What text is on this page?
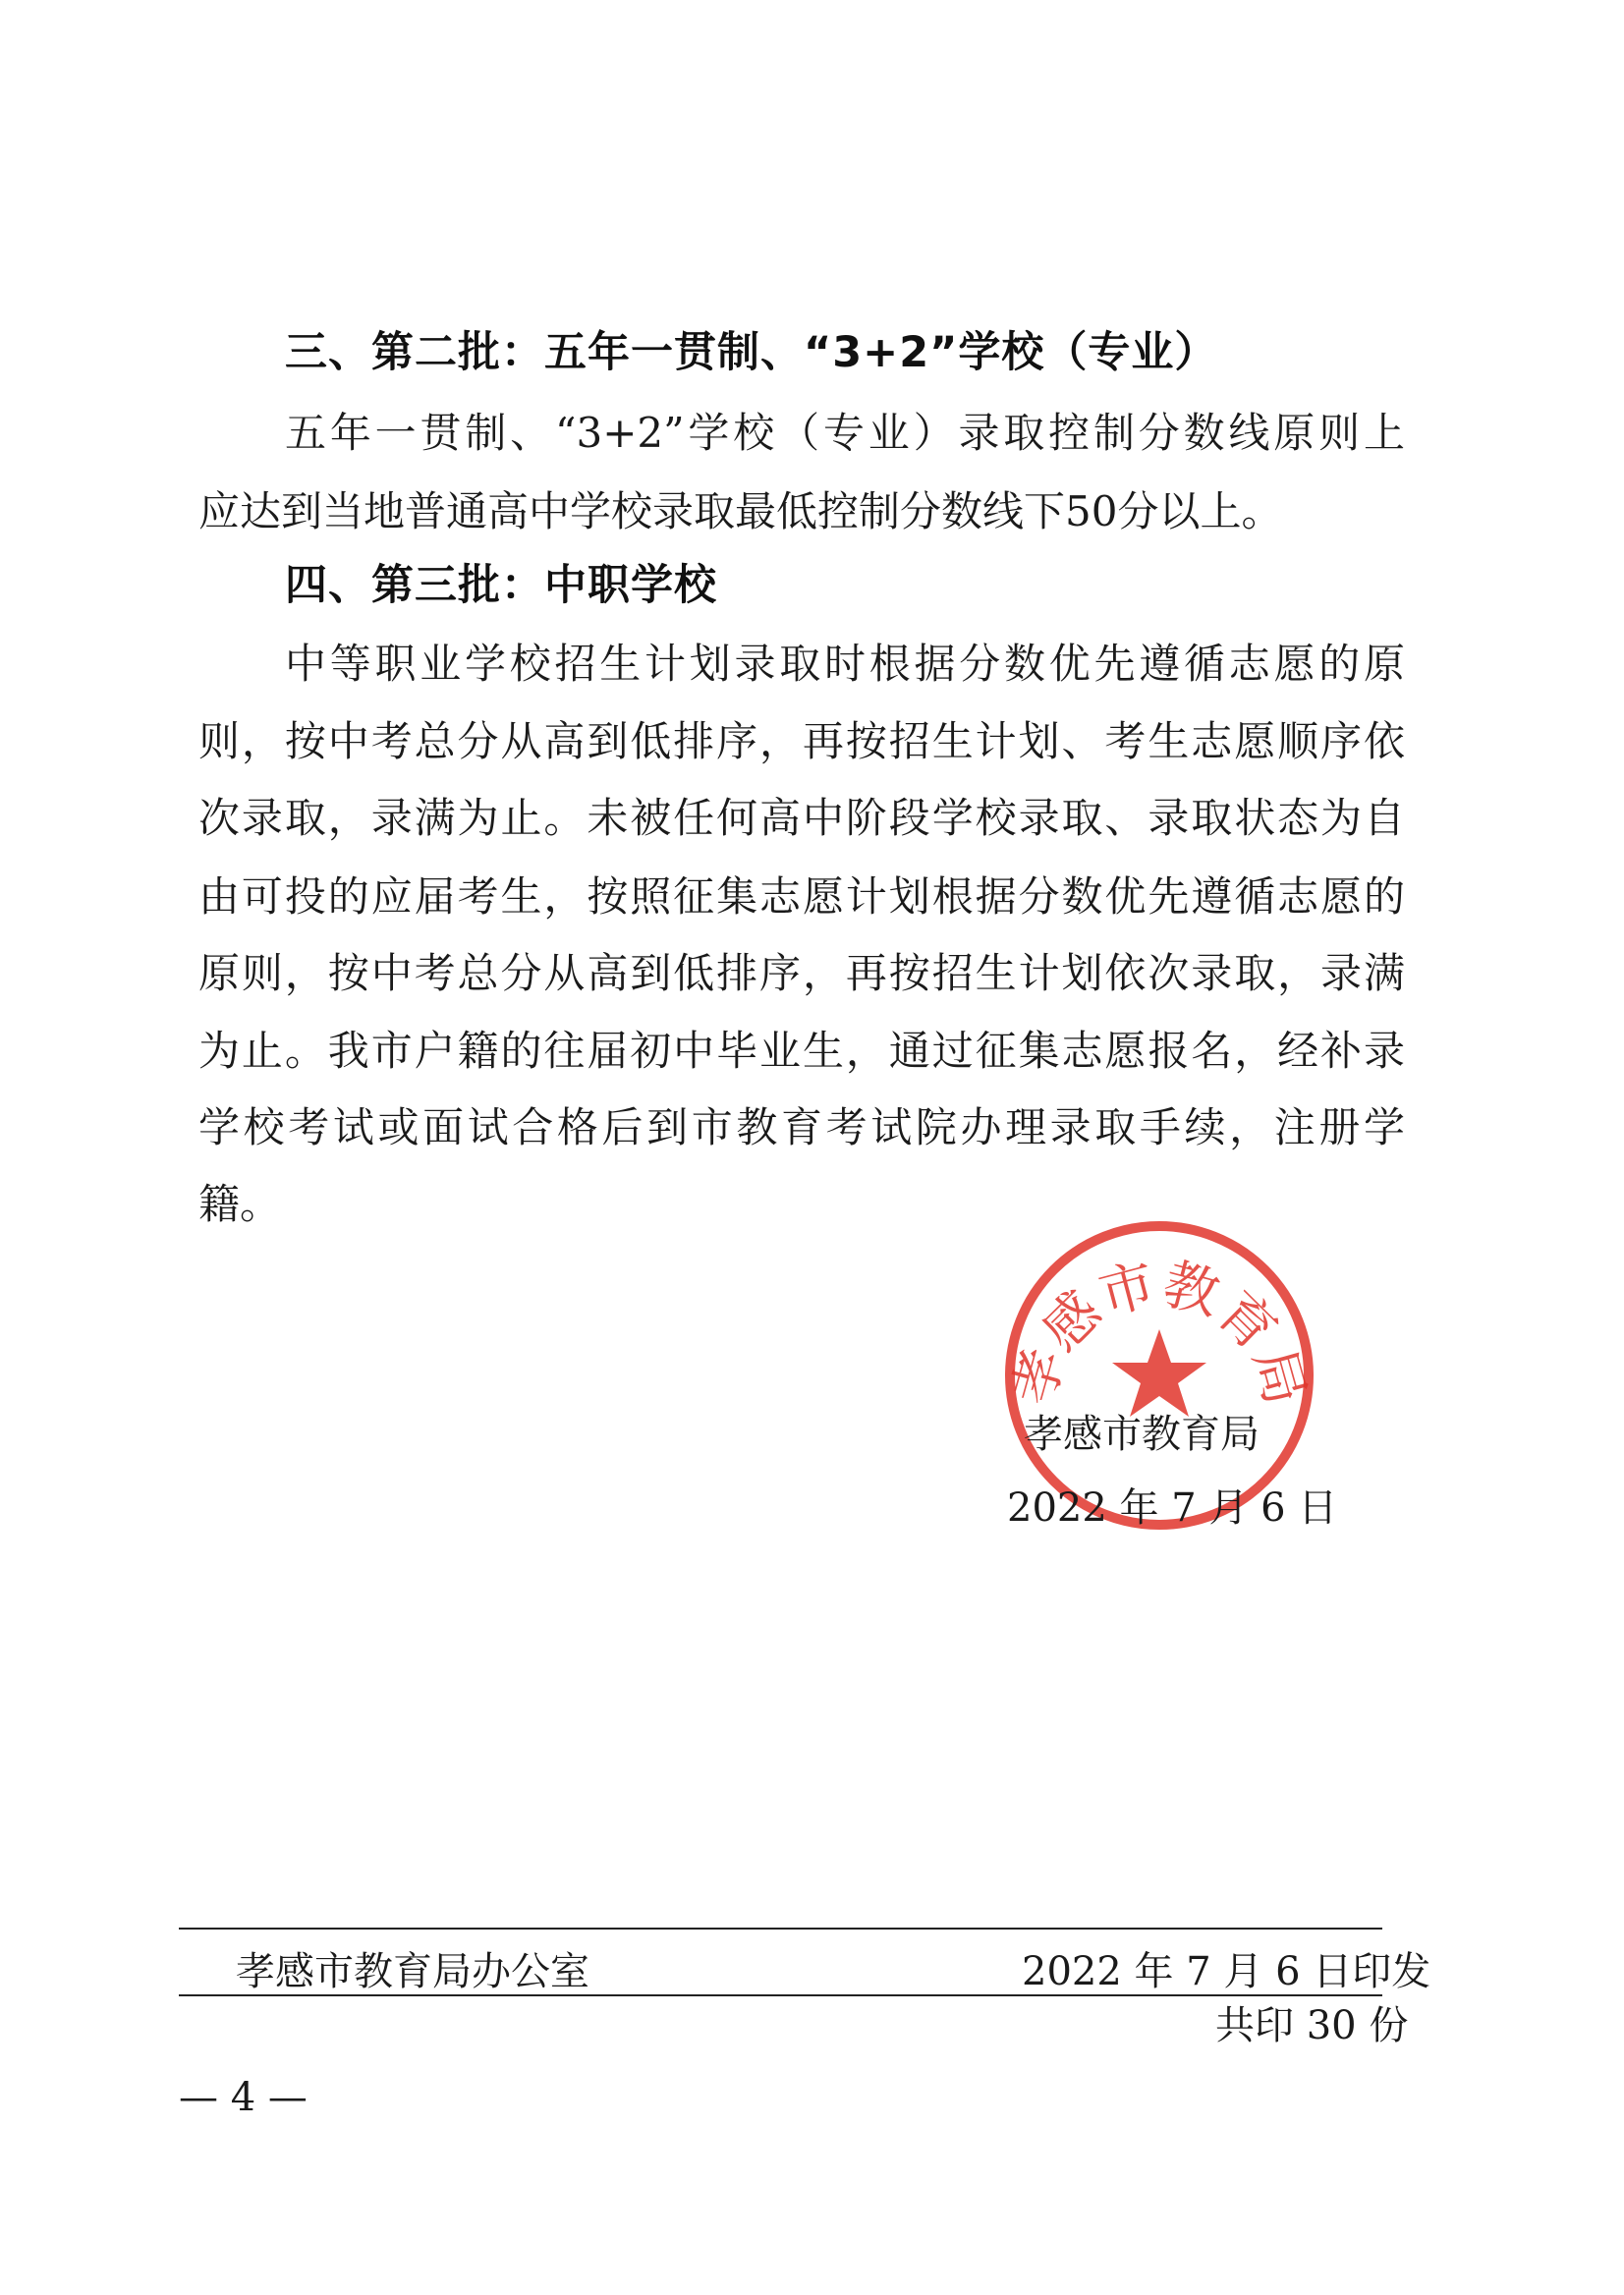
三、第二批：五年一贯制、“3+2”学校（专业）
五年一贯制、“3+2”学校（专业）录取控制分数线原则上
应达到当地普通高中学校录取最低控制分数线下50分以上。
四、第三批：中职学校
中等职业学校招生计划录取时根据分数优先遵循志愿的原
则，按中考总分从高到低排序，再按招生计划、考生志愿顺序依
次录取，录满为止。未被任何高中阶段学校录取、录取状态为自
由可投的应届考生，按照征集志愿计划根据分数优先遵循志愿的
原则，按中考总分从高到低排序，再按招生计划依次录取，录满
为止。我市户籍的往届初中毕业生，通过征集志愿报名，经补录
学校考试或面试合格后到市教育考试院办理录取手续，注册学
籍。
孝感市教育局
孝感市教育局
2022 年 7 月 6 日
孝感市教育局办公室	2022 年 7 月 6 日印发
共印 30 份
— 4 —
